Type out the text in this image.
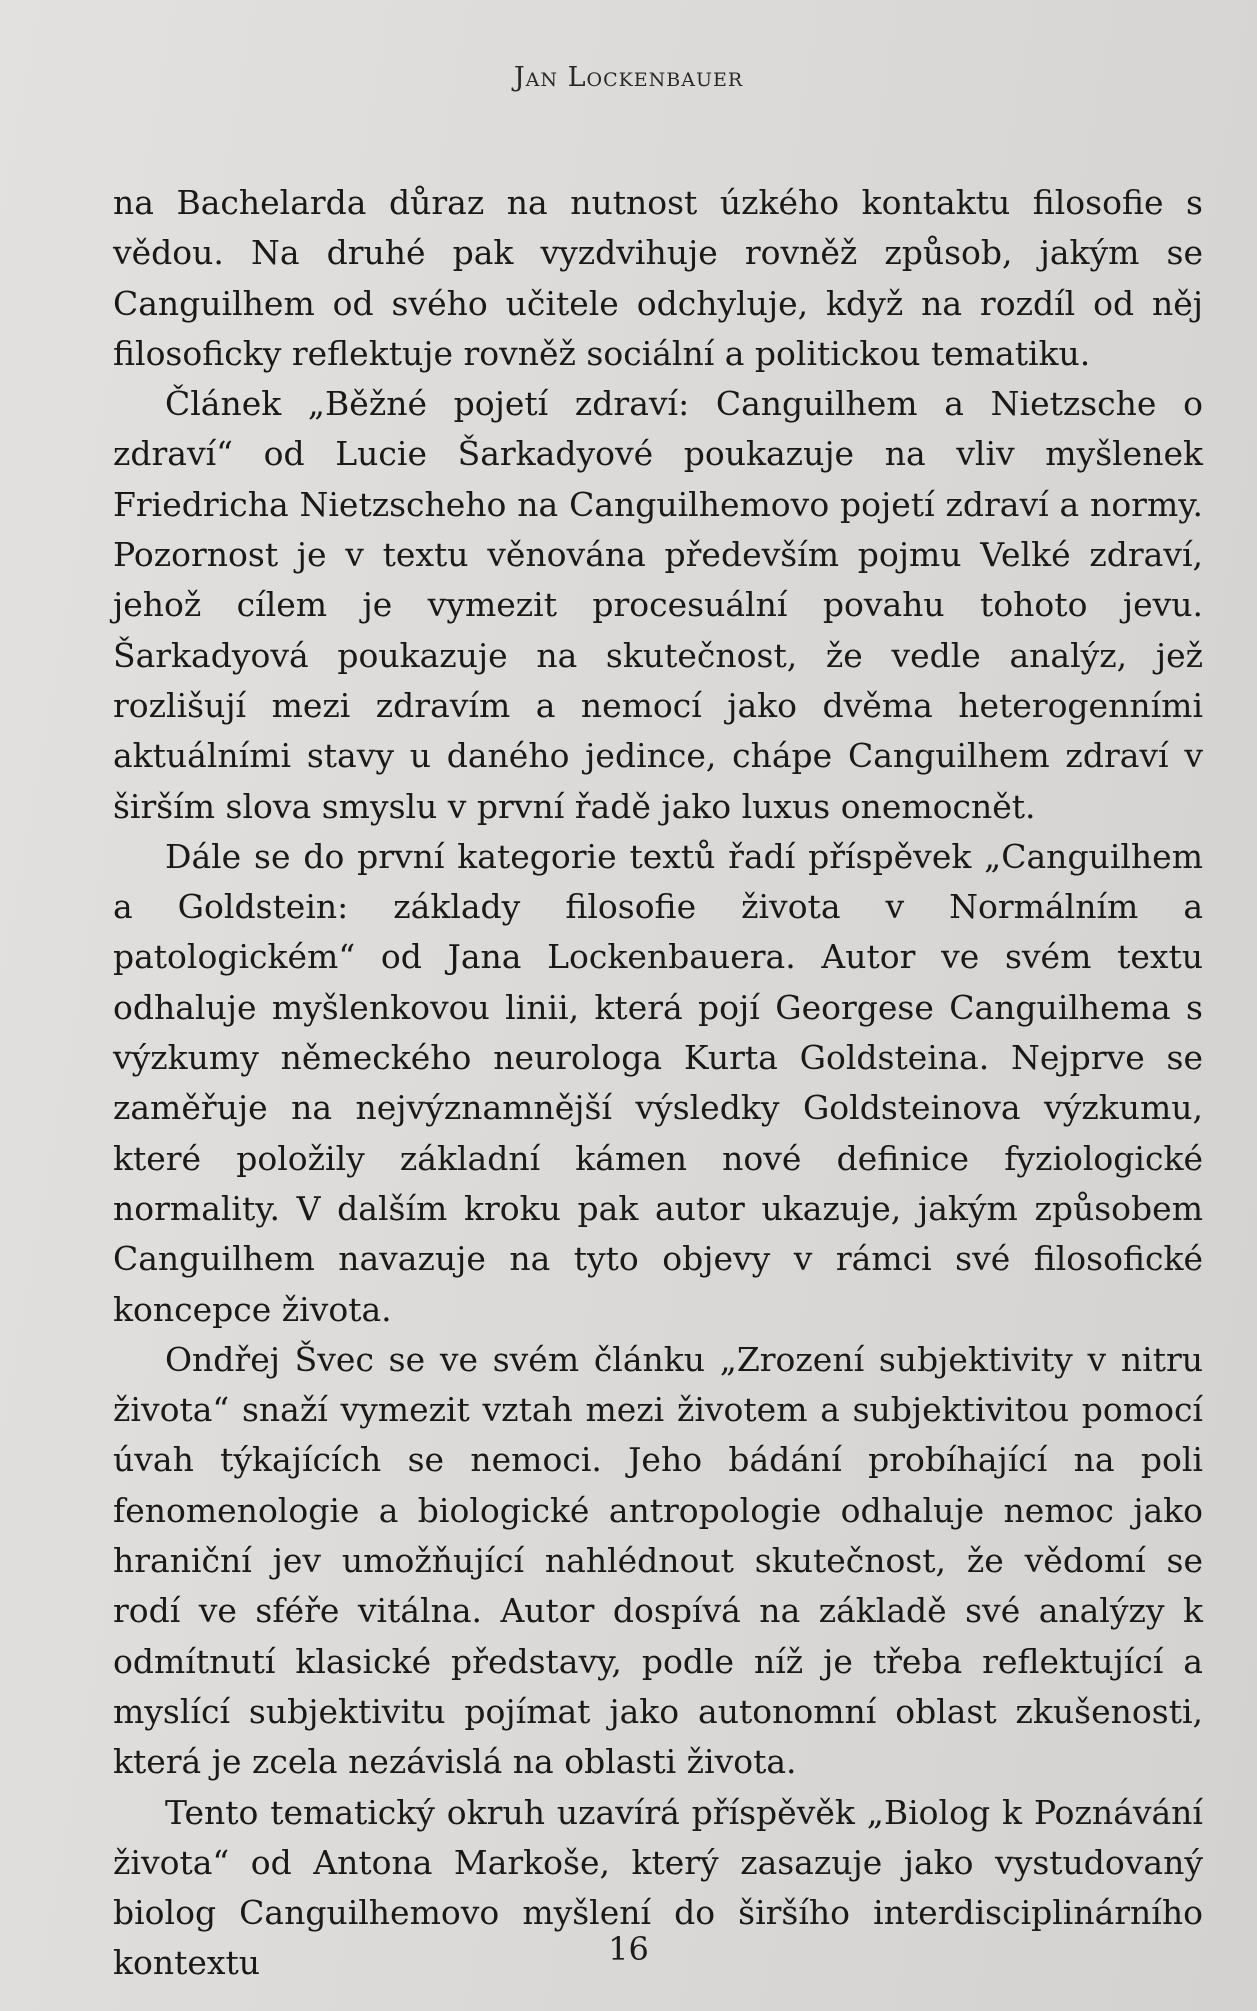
Jan Lockenbauer

na Bachelarda důraz na nutnost úzkého kontaktu filosofie s vědou. Na druhé pak vyzdvihuje rovněž způsob, jakým se Canguilhem od svého učitele odchyluje, když na rozdíl od něj filosoficky reflektuje rovněž sociální a politickou tematiku.

Článek „Běžné pojetí zdraví: Canguilhem a Nietzsche o zdraví“ od Lucie Šarkadyové poukazuje na vliv myšlenek Friedricha Nietzscheho na Canguilhemovo pojetí zdraví a normy. Pozornost je v textu věnována především pojmu Velké zdraví, jehož cílem je vymezit procesuální povahu tohoto jevu. Šarkadyová poukazuje na skutečnost, že vedle analýz, jež rozlišují mezi zdravím a nemocí jako dvěma heterogenními aktuálními stavy u daného jedince, chápe Canguilhem zdraví v širším slova smyslu v první řadě jako luxus onemocnět.

Dále se do první kategorie textů řadí příspěvek „Canguilhem a Goldstein: základy filosofie života v Normálním a patologickém“ od Jana Lockenbauera. Autor ve svém textu odhaluje myšlenkovou linii, která pojí Georgese Canguilhema s výzkumy německého neurologa Kurta Goldsteina. Nejprve se zaměřuje na nejvýznamnější výsledky Goldsteinova výzkumu, které položily základní kámen nové definice fyziologické normality. V dalším kroku pak autor ukazuje, jakým způsobem Canguilhem navazuje na tyto objevy v rámci své filosofické koncepce života.

Ondřej Švec se ve svém článku „Zrození subjektivity v nitru života“ snaží vymezit vztah mezi životem a subjektivitou pomocí úvah týkajících se nemoci. Jeho bádání probíhající na poli fenomenologie a biologické antropologie odhaluje nemoc jako hraniční jev umožňující nahlédnout skutečnost, že vědomí se rodí ve sféře vitálna. Autor dospívá na základě své analýzy k odmítnutí klasické představy, podle níž je třeba reflektující a myslící subjektivitu pojímat jako autonomní oblast zkušenosti, která je zcela nezávislá na oblasti života.

Tento tematický okruh uzavírá příspěvěk „Biolog k Poznávání života“ od Antona Markoše, který zasazuje jako vystudovaný biolog Canguilhemovo myšlení do širšího interdisciplinárního kontextu	16
